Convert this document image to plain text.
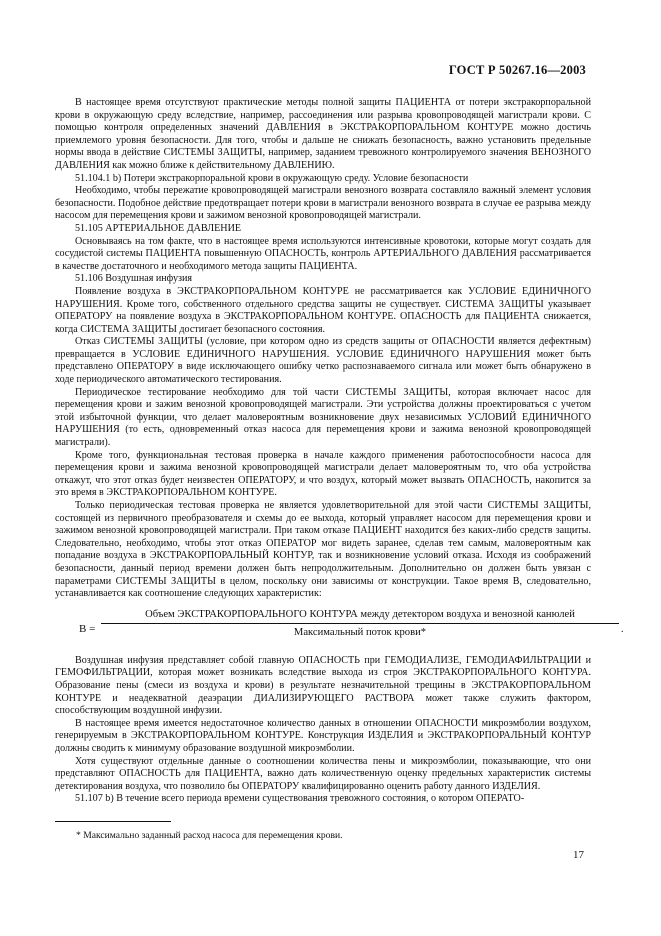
ГОСТ Р 50267.16—2003

В настоящее время отсутствуют практические методы полной защиты ПАЦИЕНТА от потери экстракорпоральной крови в окружающую среду вследствие, например, рассоединения или разрыва кровопроводящей магистрали крови. С помощью контроля определенных значений ДАВЛЕНИЯ в ЭКСТРАКОРПОРАЛЬНОМ КОНТУРЕ можно достичь приемлемого уровня безопасности. Для того, чтобы и дальше не снижать безопасность, важно установить предельные нормы ввода в действие СИСТЕМЫ ЗАЩИТЫ, например, заданием тревожного контролируемого значения ВЕНОЗНОГО ДАВЛЕНИЯ как можно ближе к действительному ДАВЛЕНИЮ.

51.104.1 b) Потери экстракорпоральной крови в окружающую среду. Условие безопасности

Необходимо, чтобы пережатие кровопроводящей магистрали венозного возврата составляло важный элемент условия безопасности. Подобное действие предотвращает потери крови в магистрали венозного возврата в случае ее разрыва между насосом для перемещения крови и зажимом венозной кровопроводящей магистрали.

51.105 АРТЕРИАЛЬНОЕ ДАВЛЕНИЕ

Основываясь на том факте, что в настоящее время используются интенсивные кровотоки, которые могут создать для сосудистой системы ПАЦИЕНТА повышенную ОПАСНОСТЬ, контроль АРТЕРИАЛЬНОГО ДАВЛЕНИЯ рассматривается в качестве достаточного и необходимого метода защиты ПАЦИЕНТА.

51.106 Воздушная инфузия

Появление воздуха в ЭКСТРАКОРПОРАЛЬНОМ КОНТУРЕ не рассматривается как УСЛОВИЕ ЕДИНИЧНОГО НАРУШЕНИЯ. Кроме того, собственного отдельного средства защиты не существует. СИСТЕМА ЗАЩИТЫ указывает ОПЕРАТОРУ на появление воздуха в ЭКСТРАКОРПОРАЛЬНОМ КОНТУРЕ. ОПАСНОСТЬ для ПАЦИЕНТА снижается, когда СИСТЕМА ЗАЩИТЫ достигает безопасного состояния.

Отказ СИСТЕМЫ ЗАЩИТЫ (условие, при котором одно из средств защиты от ОПАСНОСТИ является дефектным) превращается в УСЛОВИЕ ЕДИНИЧНОГО НАРУШЕНИЯ. УСЛОВИЕ ЕДИНИЧНОГО НАРУШЕНИЯ может быть представлено ОПЕРАТОРУ в виде исключающего ошибку четко распознаваемого сигнала или может быть обнаружено в ходе периодического автоматического тестирования.

Периодическое тестирование необходимо для той части СИСТЕМЫ ЗАЩИТЫ, которая включает насос для перемещения крови и зажим венозной кровопроводящей магистрали. Эти устройства должны проектироваться с учетом этой избыточной функции, что делает маловероятным возникновение двух независимых УСЛОВИЙ ЕДИНИЧНОГО НАРУШЕНИЯ (то есть, одновременный отказ насоса для перемещения крови и зажима венозной кровопроводящей магистрали).

Кроме того, функциональная тестовая проверка в начале каждого применения работоспособности насоса для перемещения крови и зажима венозной кровопроводящей магистрали делает маловероятным то, что оба устройства откажут, что этот отказ будет неизвестен ОПЕРАТОРУ, и что воздух, который может вызвать ОПАСНОСТЬ, накопится за это время в ЭКСТРАКОРПОРАЛЬНОМ КОНТУРЕ.

Только периодическая тестовая проверка не является удовлетворительной для этой части СИСТЕМЫ ЗАЩИТЫ, состоящей из первичного преобразователя и схемы до ее выхода, который управляет насосом для перемещения крови и зажимом венозной кровопроводящей магистрали. При таком отказе ПАЦИЕНТ находится без каких-либо средств защиты. Следовательно, необходимо, чтобы этот отказ ОПЕРАТОР мог видеть заранее, сделав тем самым, маловероятным как попадание воздуха в ЭКСТРАКОРПОРАЛЬНЫЙ КОНТУР, так и возникновение условий отказа. Исходя из соображений безопасности, данный период времени должен быть непродолжительным. Дополнительно он должен быть увязан с параметрами СИСТЕМЫ ЗАЩИТЫ в целом, поскольку они зависимы от конструкции. Такое время В, следовательно, устанавливается как соотношение следующих характеристик:

В =
Объем ЭКСТРАКОРПОРАЛЬНОГО КОНТУРА между детектором воздуха и венозной канюлей
Максимальный поток крови*	.

Воздушная инфузия представляет собой главную ОПАСНОСТЬ при ГЕМОДИАЛИЗЕ, ГЕМОДИАФИЛЬТРАЦИИ и ГЕМОФИЛЬТРАЦИИ, которая может возникать вследствие выхода из строя ЭКСТРАКОРПОРАЛЬНОГО КОНТУРА. Образование пены (смеси из воздуха и крови) в результате незначительной трещины в ЭКСТРАКОРПОРАЛЬНОМ КОНТУРЕ и неадекватной деаэрации ДИАЛИЗИРУЮЩЕГО РАСТВОРА может также служить фактором, способствующим воздушной инфузии.

В настоящее время имеется недостаточное количество данных в отношении ОПАСНОСТИ микроэмболии воздухом, генерируемым в ЭКСТРАКОРПОРАЛЬНОМ КОНТУРЕ. Конструкция ИЗДЕЛИЯ и ЭКСТРАКОРПОРАЛЬНЫЙ КОНТУР должны сводить к минимуму образование воздушной микроэмболии.

Хотя существуют отдельные данные о соотношении количества пены и микроэмболии, показывающие, что они представляют ОПАСНОСТЬ для ПАЦИЕНТА, важно дать количественную оценку предельных характеристик системы детектирования воздуха, что позволило бы ОПЕРАТОРУ квалифицированно оценить работу данного ИЗДЕЛИЯ.

51.107 b) В течение всего периода времени существования тревожного состояния, о котором ОПЕРАТО-

* Максимально заданный расход насоса для перемещения крови.
17
